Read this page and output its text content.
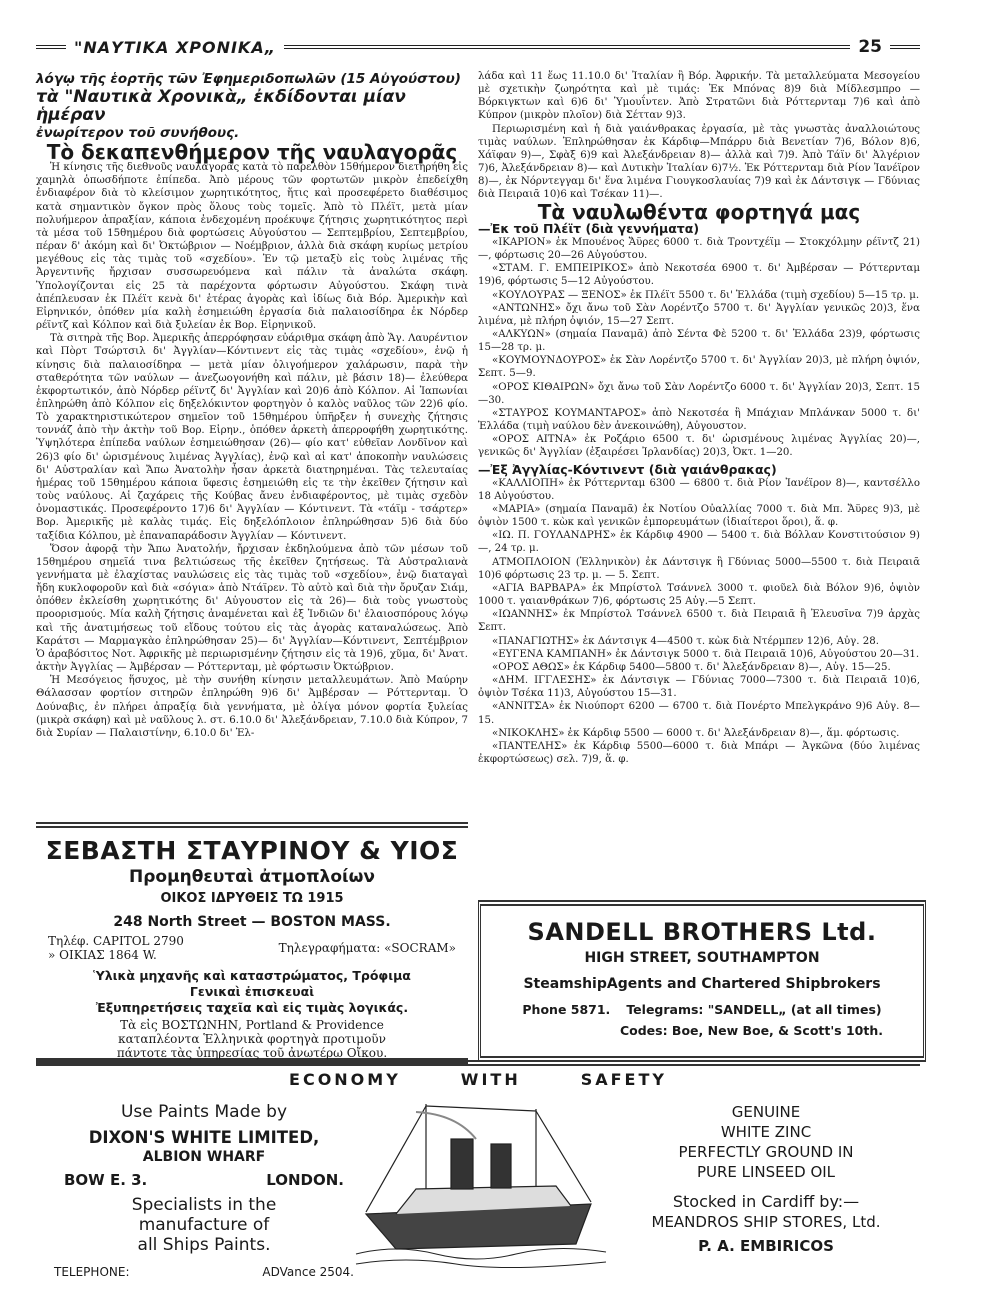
"ΝΑΥΤΙΚΑ ΧΡΟΝΙΚΑ„	25
λόγῳ τῆς ἑορτῆς τῶν Ἐφημεριδοπωλῶν (15 Αὐγούστου)
τὰ "Ναυτικὰ Χρονικὰ„ ἐκδίδονται μίαν ἡμέραν
ἐνωρίτερον τοῦ συνήθους.
Τὸ δεκαπενθήμερον τῆς ναυλαγορᾶς

Ἡ κίνησις τῆς διεθνοῦς ναυλαγορᾶς κατὰ τὸ παρελθὸν 15θήμερον διετηρήθη εἰς χαμηλὰ ὁπωσδήποτε ἐπίπεδα. Ἀπὸ μέρους τῶν φορτωτῶν μικρὸν ἐπεδείχθη ἐνδιαφέρον διὰ τὸ κλείσιμον χωρητικότητος, ἥτις καὶ προσεφέρετο διαθέσιμος κατὰ σημαντικὸν ὄγκον πρὸς ὅλους τοὺς τομεῖς. Ἀπὸ τὸ Πλέϊτ, μετὰ μίαν πολυήμερον ἀπραξίαν, κάποια ἐνδεχομένη προέκυψε ζήτησις χωρητικότητος περὶ τὰ μέσα τοῦ 15θημέρου διὰ φορτώσεις Αὐγούστου — Σεπτεμβρίου, Σεπτεμβρίου, πέραν δ' ἀκόμη καὶ δι' Ὀκτώβριον — Νοέμβριον, ἀλλὰ διὰ σκάφη κυρίως μετρίου μεγέθους εἰς τὰς τιμὰς τοῦ «σχεδίου». Ἐν τῷ μεταξὺ εἰς τοὺς λιμένας τῆς Ἀργεντινῆς ἤρχισαν συσσωρευόμενα καὶ πάλιν τὰ ἀναλώτα σκάφη. Ὑπολογίζονται εἰς 25 τὰ παρέχοντα φόρτωσιν Αὐγούστου. Σκάφη τινὰ ἀπέπλευσαν ἐκ Πλέϊτ κενὰ δι' ἑτέρας ἀγορὰς καὶ ἰδίως διὰ Βόρ. Ἀμερικὴν καὶ Εἰρηνικόν, ὁπόθεν μία καλὴ ἐσημειώθη ἐργασία διὰ παλαιοσίδηρα ἐκ Νόρδερ ρέϊντζ καὶ Κόλπον καὶ διὰ ξυλείαν ἐκ Βορ. Εἰρηνικοῦ.

Τὰ σιτηρὰ τῆς Βορ. Ἀμερικῆς ἀπερρόφησαν εὐάριθμα σκάφη ἀπὸ Ἅγ. Λαυρέντιον καὶ Πὸρτ Τσώρτσιλ δι' Ἀγγλίαν—Κόντινεντ εἰς τὰς τιμὰς «σχεδίου», ἐνῷ ἡ κίνησις διὰ παλαιοσίδηρα — μετὰ μίαν ὀλιγοήμερον χαλάρωσιν, παρὰ τὴν σταθερότητα τῶν ναύλων — ἀνεζωογονήθη καὶ πάλιν, μὲ βάσιν 18)— ἐλεύθερα ἐκφορτωτικόν, ἀπὸ Νόρδερ ρέϊντζ δι' Ἀγγλίαν καὶ 20)6 ἀπὸ Κόλπον. Αἱ Ἰαπωνίαι ἐπληρώθη ἀπὸ Κόλπον εἰς δηξελόκιντον φορτηγὸν ὁ καλὸς ναῦλος τῶν 22)6 φίο. Τὸ χαρακτηριστικώτερον σημεῖον τοῦ 15θημέρου ὑπῆρξεν ἡ συνεχὴς ζήτησις τοννάζ ἀπὸ τὴν ἀκτὴν τοῦ Βορ. Εἰρην., ὁπόθεν ἀρκετὴ ἀπερροφήθη χωρητικότης. Ὑψηλότερα ἐπίπεδα ναύλων ἐσημειώθησαν (26)— φίο κατ' εὐθεῖαν Λονδῖνον καὶ 26)3 φίο δι' ὡρισμένους λιμένας Ἀγγλίας), ἐνῷ καὶ αἱ κατ' ἀποκοπὴν ναυλώσεις δι' Αὐστραλίαν καὶ Ἄπω Ἀνατολὴν ἦσαν ἀρκετὰ διατηρημέναι. Τὰς τελευταίας ἡμέρας τοῦ 15θημέρου κάποια ὕφεσις ἐσημειώθη εἰς τε τὴν ἐκεῖθεν ζήτησιν καὶ τοὺς ναύλους. Αἱ ζαχάρεις τῆς Κούβας ἄνευ ἐνδιαφέροντος, μὲ τιμὰς σχεδὸν ὀνομαστικάς. Προσεφέροντο 17)6 δι' Ἀγγλίαν — Κόντινεντ. Τὰ «τάϊμ - τσάρτερ» Βορ. Ἀμερικῆς μὲ καλὰς τιμάς. Εἰς δηξελόπλοιον ἐπληρώθησαν 5)6 διὰ δύο ταξίδια Κόλπου, μὲ ἐπαναπαράδοσιν Ἀγγλίαν — Κόντινεντ.

Ὅσον ἀφορᾷ τὴν Ἄπω Ἀνατολήν, ἤρχισαν ἐκδηλούμενα ἀπὸ τῶν μέσων τοῦ 15θημέρου σημεῖά τινα βελτιώσεως τῆς ἐκεῖθεν ζητήσεως. Τὰ Αὐστραλιανὰ γεννήματα μὲ ἐλαχίστας ναυλώσεις εἰς τὰς τιμὰς τοῦ «σχεδίου», ἐνῷ διαταγαὶ ἤδη κυκλοφοροῦν καὶ διὰ «σόγια» ἀπὸ Ντάϊρεν. Τὸ αὐτὸ καὶ διὰ τὴν ὄρυζαν Σιάμ, ὁπόθεν ἐκλείσθη χωρητικότης δι' Αὐγουστον εἰς τὰ 26)— διὰ τοὺς γνωστοὺς προορισμούς. Μία καλὴ ζήτησις ἀναμένεται καὶ ἐξ Ἰνδιῶν δι' ἐλαιοσπόρους λόγῳ καὶ τῆς ἀνατιμήσεως τοῦ εἴδους τούτου εἰς τὰς ἀγορὰς καταναλώσεως. Ἀπὸ Καράτσι — Μαρμαγκὰο ἐπληρώθησαν 25)— δι' Ἀγγλίαν—Κόντινεντ, Σεπτέμβριον Ὁ ἀραβόσιτος Νοτ. Ἀφρικῆς μὲ περιωρισμένην ζήτησιν εἰς τὰ 19)6, χῦμα, δι' Ἀνατ. ἀκτὴν Ἀγγλίας — Ἀμβέρσαν — Ρόττερνταμ, μὲ φόρτωσιν Ὀκτώβριον.

Ἡ Μεσόγειος ἥσυχος, μὲ τὴν συνήθη κίνησιν μεταλλευμάτων. Ἀπὸ Μαύρην Θάλασσαν φορτίον σιτηρῶν ἐπληρώθη 9)6 δι' Ἀμβέρσαν — Ρόττερνταμ. Ὁ Δούναβις, ἐν πλήρει ἀπραξίᾳ διὰ γεννήματα, μὲ ὀλίγα μόνον φορτία ξυλείας (μικρὰ σκάφη) καὶ μὲ ναῦλους λ. στ. 6.10.0 δι' Ἀλεξάνδρειαν, 7.10.0 διὰ Κύπρον, 7 διὰ Συρίαν — Παλαιστίνην, 6.10.0 δι' Ἑλ-

λάδα καὶ 11 ἕως 11.10.0 δι' Ἰταλίαν ἢ Βόρ. Ἀφρικήν. Τὰ μεταλλεύματα Μεσογείου μὲ σχετικὴν ζωηρότητα καὶ μὲ τιμάς: Ἐκ Μπόνας 8)9 διὰ Μίδλεσμπρο — Βόρκιγκτων καὶ 6)6 δι' Ὑμουΐντεν. Ἀπὸ Στρατῶνι διὰ Ρόττερνταμ 7)6 καὶ ἀπὸ Κύπρον (μικρὸν πλοῖον) διὰ Σέτταν 9)3.

Περιωρισμένη καὶ ἡ διὰ γαιάνθρακας ἐργασία, μὲ τὰς γνωστὰς ἀναλλοιώτους τιμὰς ναύλων. Ἐπληρώθησαν ἐκ Κάρδιφ—Μπάρρυ διὰ Βενετίαν 7)6, Βόλον 8)6, Χάϊφαν 9)—, Σφὰξ 6)9 καὶ Ἀλεξάνδρειαν 8)— ἀλλὰ καὶ 7)9. Ἀπὸ Τάϊν δι' Ἀλγέριον 7)6, Ἀλεξάνδρειαν 8)— καὶ Δυτικὴν Ἰταλίαν 6)7½. Ἐκ Ρόττερνταμ διὰ Ρίον Ἰανέϊρον 8)—, ἐκ Νόρντεγγαμ δι' ἕνα λιμένα Γιουγκοσλαυίας 7)9 καὶ ἐκ Δάντσιγκ — Γδύνιας διὰ Πειραιᾶ 10)6 καὶ Τσέκαν 11)—.

Τὰ ναυλωθέντα φορτηγά μας
—Ἐκ τοῦ Πλέϊτ (διὰ γεννήματα)

«ΙΚΑΡΙΟΝ» ἐκ Μπουένος Ἄϋρες 6000 τ. διὰ Τροντχέϊμ — Στοκχόλμην ρέϊντζ 21)—, φόρτωσις 20—26 Αὐγούστου.

«ΣΤΑΜ. Γ. ΕΜΠΕΙΡΙΚΟΣ» ἀπὸ Νεκοτσέα 6900 τ. δι' Ἀμβέρσαν — Ρόττερνταμ 19)6, φόρτωσις 5—12 Αὐγούστου.

«ΚΟΥΛΟΥΡΑΣ — ΞΕΝΟΣ» ἐκ Πλέϊτ 5500 τ. δι' Ἑλλάδα (τιμὴ σχεδίου) 5—15 τρ. μ.

«ΑΝΤΩΝΗΣ» ὄχι ἄνω τοῦ Σὰν Λορέντζο 5700 τ. δι' Ἀγγλίαν γενικῶς 20)3, ἕνα λιμένα, μὲ πλήρη ὀψιόν, 15—27 Σεπτ.

«ΑΛΚΥΩΝ» (σημαία Παναμᾶ) ἀπὸ Σέντα Φὲ 5200 τ. δι' Ἑλλάδα 23)9, φόρτωσις 15—28 τρ. μ.

«ΚΟΥΜΟΥΝΔΟΥΡΟΣ» ἐκ Σὰν Λορέντζο 5700 τ. δι' Ἀγγλίαν 20)3, μὲ πλήρη ὀψιόν, Σεπτ. 5—9.

«ΟΡΟΣ ΚΙΘΑΙΡΩΝ» ὄχι ἄνω τοῦ Σὰν Λορέντζο 6000 τ. δι' Ἀγγλίαν 20)3, Σεπτ. 15—30.

«ΣΤΑΥΡΟΣ ΚΟΥΜΑΝΤΑΡΟΣ» ἀπὸ Νεκοτσέα ἢ Μπάχιαν Μπλάνκαν 5000 τ. δι' Ἑλλάδα (τιμὴ ναύλου δὲν ἀνεκοινώθη), Αὐγουστον.

«ΟΡΟΣ ΑΙΤΝΑ» ἐκ Ροζάριο 6500 τ. δι' ὡρισμένους λιμένας Ἀγγλίας 20)—, γενικῶς δι' Ἀγγλίαν (ἐξαιρέσει Ἰρλανδίας) 20)3, Ὀκτ. 1—20.

—Ἐξ Ἀγγλίας-Κόντινεντ (διὰ γαιάνθρακας)

«ΚΑΛΛΙΟΠΗ» ἐκ Ρόττερνταμ 6300 — 6800 τ. διὰ Ρίον Ἰανέϊρον 8)—, καντσέλλο 18 Αὐγούστου.

«ΜΑΡΙΑ» (σημαία Παναμᾶ) ἐκ Νοτίου Οὐαλλίας 7000 τ. διὰ Μπ. Ἄϋρες 9)3, μὲ ὀψιὸν 1500 τ. κὼκ καὶ γενικῶν ἐμπορευμάτων (ἰδιαίτεροι ὅροι), ἅ. φ.

«ΙΩ. Π. ΓΟΥΛΑΝΔΡΗΣ» ἐκ Κάρδιφ 4900 — 5400 τ. διὰ Βόλλαν Κονστιτούσιον 9)—, 24 τρ. μ.

ΑΤΜΟΠΛΟΙΟΝ (Ἑλληνικὸν) ἐκ Δάντσιγκ ἢ Γδύνιας 5000—5500 τ. διὰ Πειραιᾶ 10)6 φόρτωσις 23 τρ. μ. — 5. Σεπτ.

«ΑΓΙΑ ΒΑΡΒΑΡΑ» ἐκ Μπρίστολ Τσάννελ 3000 τ. φιοῦελ διὰ Βόλον 9)6, ὀψιὸν 1000 τ. γαιανθράκων 7)6, φόρτωσις 25 Αὐγ.—5 Σεπτ.

«ΙΩΑΝΝΗΣ» ἐκ Μπρίστολ Τσάννελ 6500 τ. διὰ Πειραιᾶ ἢ Ἐλευσῖνα 7)9 ἀρχὰς Σεπτ.

«ΠΑΝΑΓΙΩΤΗΣ» ἐκ Δάντσιγκ 4—4500 τ. κὼκ διὰ Ντέρμπεν 12)6, Αὐγ. 28.

«ΕΥΓΕΝΑ ΚΑΜΠΑΝΗ» ἐκ Δάντσιγκ 5000 τ. διὰ Πειραιᾶ 10)6, Αὐγούστου 20—31.

«ΟΡΟΣ ΑΘΩΣ» ἐκ Κάρδιφ 5400—5800 τ. δι' Ἀλεξάνδρειαν 8)—, Αὐγ. 15—25.

«ΔΗΜ. ΙΓΓΛΕΣΗΣ» ἐκ Δάντσιγκ — Γδύνιας 7000—7300 τ. διὰ Πειραιᾶ 10)6, ὀψιὸν Τσέκα 11)3, Αὐγούστου 15—31.

«ΑΝΝΙΤΣΑ» ἐκ Νιούπορτ 6200 — 6700 τ. διὰ Πονέρτο Μπελγκράνο 9)6 Αὐγ. 8—15.

«ΝΙΚΟΚΛΗΣ» ἐκ Κάρδιφ 5500 — 6000 τ. δι' Ἀλεξάνδρειαν 8)—, ἅμ. φόρτωσις.

«ΠΑΝΤΕΛΗΣ» ἐκ Κάρδιφ 5500—6000 τ. διὰ Μπάρι — Ἀγκῶνα (δύο λιμένας ἐκφορτώσεως) σελ. 7)9, ἅ. φ.

ΣΕΒΑΣΤΗ ΣΤΑΥΡΙΝΟΥ & ΥΙΟΣ
Προμηθευταὶ ἀτμοπλοίων
ΟΙΚΟΣ ΙΔΡΥΘΕΙΣ ΤΩ 1915
248 North Street — BOSTON MASS.
Τηλέφ. CAPITOL 2790
» ΟΙΚΙΑΣ 1864 W.	Τηλεγραφήματα: «SOCRAM»
Ὑλικὰ μηχανῆς καὶ καταστρώματος, Τρόφιμα
Γενικαὶ ἐπισκευαὶ
Ἐξυπηρετήσεις ταχεῖα καὶ εἰς τιμὰς λογικάς.
Τὰ εἰς ΒΟΣΤΩΝΗΝ, Portland & Providence
καταπλέοντα Ἑλληνικὰ φορτηγὰ προτιμοῦν
πάντοτε τὰς ὑπηρεσίας τοῦ ἀνωτέρω Οἴκου.
SANDELL BROTHERS Ltd.
HIGH STREET, SOUTHAMPTON
SteamshipAgents and Chartered Shipbrokers
Phone 5871. Telegrams: "SANDELL„ (at all times)
Codes: Boe, New Boe, & Scott's 10th.
ECONOMY	WITH	SAFETY
Use Paints Made by
DIXON'S WHITE LIMITED,
ALBION WHARF
BOW E. 3.	LONDON.
Specialists in the
manufacture of
all Ships Paints.
TELEPHONE:	ADVance 2504.
GENUINE
WHITE ZINC
PERFECTLY GROUND IN
PURE LINSEED OIL
Stocked in Cardiff by:—
MEANDROS SHIP STORES, Ltd.
P. A. EMBIRICOS
